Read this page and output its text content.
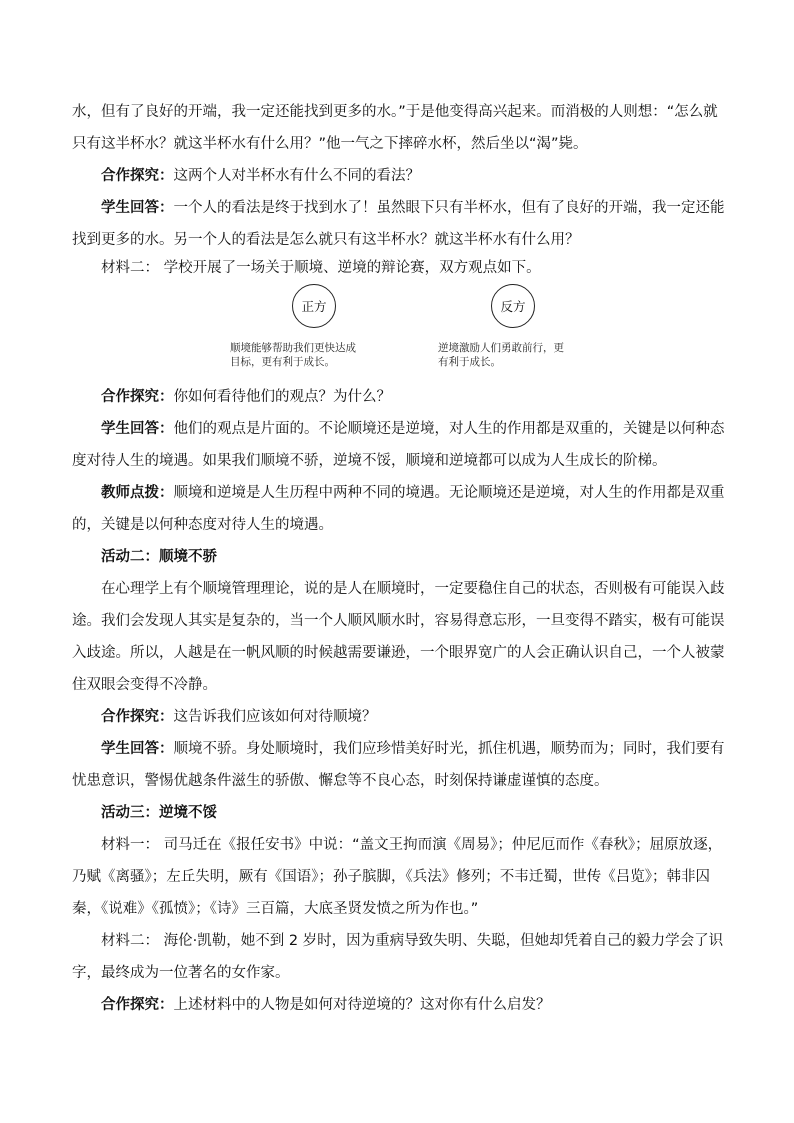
水，但有了良好的开端，我一定还能找到更多的水。”于是他变得高兴起来。而消极的人则想：“怎么就只有这半杯水？就这半杯水有什么用？”他一气之下摔碎水杯，然后坐以“渴”毙。

合作探究：这两个人对半杯水有什么不同的看法？

学生回答：一个人的看法是终于找到水了！虽然眼下只有半杯水，但有了良好的开端，我一定还能找到更多的水。另一个人的看法是怎么就只有这半杯水？就这半杯水有什么用？

材料二： 学校开展了一场关于顺境、逆境的辩论赛，双方观点如下。

正方	反方
顺境能够帮助我们更快达成
目标，更有利于成长。
逆境激励人们勇敢前行，更
有利于成长。

合作探究：你如何看待他们的观点？为什么？

学生回答：他们的观点是片面的。不论顺境还是逆境，对人生的作用都是双重的，关键是以何种态度对待人生的境遇。如果我们顺境不骄，逆境不馁，顺境和逆境都可以成为人生成长的阶梯。

教师点拨：顺境和逆境是人生历程中两种不同的境遇。无论顺境还是逆境，对人生的作用都是双重的，关键是以何种态度对待人生的境遇。

活动二：顺境不骄

在心理学上有个顺境管理理论，说的是人在顺境时，一定要稳住自己的状态，否则极有可能误入歧途。我们会发现人其实是复杂的，当一个人顺风顺水时，容易得意忘形，一旦变得不踏实，极有可能误入歧途。所以，人越是在一帆风顺的时候越需要谦逊，一个眼界宽广的人会正确认识自己，一个人被蒙住双眼会变得不冷静。

合作探究：这告诉我们应该如何对待顺境？

学生回答：顺境不骄。身处顺境时，我们应珍惜美好时光，抓住机遇，顺势而为；同时，我们要有忧患意识，警惕优越条件滋生的骄傲、懈怠等不良心态，时刻保持谦虚谨慎的态度。

活动三：逆境不馁

材料一： 司马迁在《报任安书》中说：“盖文王拘而演《周易》；仲尼厄而作《春秋》；屈原放逐，乃赋《离骚》；左丘失明，厥有《国语》；孙子膑脚，《兵法》修列；不韦迁蜀，世传《吕览》；韩非囚秦，《说难》《孤愤》；《诗》三百篇，大底圣贤发愤之所为作也。”

材料二： 海伦·凯勒，她不到 2 岁时，因为重病导致失明、失聪，但她却凭着自己的毅力学会了识字，最终成为一位著名的女作家。

合作探究：上述材料中的人物是如何对待逆境的？这对你有什么启发？
